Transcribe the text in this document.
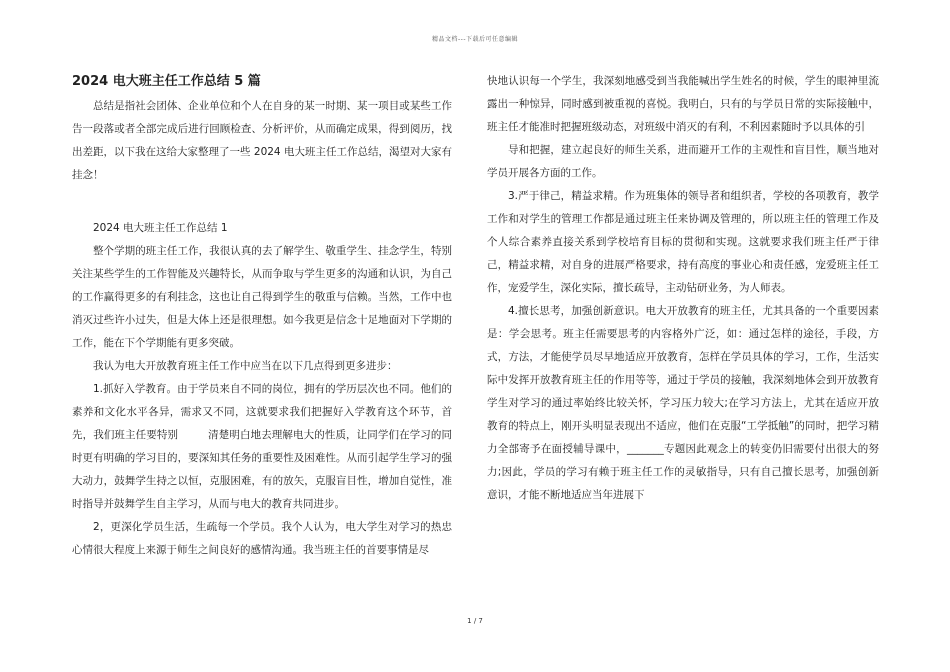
精品文档---下载后可任意编辑
2024 电大班主任工作总结 5 篇

总结是指社会团体、企业单位和个人在自身的某一时期、某一项目或某些工作告一段落或者全部完成后进行回顾检查、分析评价，从而确定成果，得到阅历，找出差距，以下我在这给大家整理了一些 2024 电大班主任工作总结，渴望对大家有挂念！

2024 电大班主任工作总结 1

整个学期的班主任工作，我很认真的去了解学生、敬重学生、挂念学生，特别关注某些学生的工作智能及兴趣特长，从而争取与学生更多的沟通和认识，为自己的工作赢得更多的有利挂念，这也让自己得到学生的敬重与信赖。当然，工作中也消灭过些许小过失，但是大体上还是很理想。如今我更是信念十足地面对下学期的工作，能在下个学期能有更多突破。

我认为电大开放教育班主任工作中应当在以下几点得到更多进步：

1.抓好入学教育。由于学员来自不同的岗位，拥有的学历层次也不同。他们的素养和文化水平各异，需求又不同，这就要求我们把握好入学教育这个环节，首先，我们班主任要特别	清楚明白地去理解电大的性质，让同学们在学习的同时更有明确的学习目的，要深知其任务的重要性及困难性。从而引起学生学习的强大动力，鼓舞学生持之以恒，克服困难，有的放矢，克服盲目性，增加自觉性，准时指导并鼓舞学生自主学习，从而与电大的教育共同进步。

2，更深化学员生活，生疏每一个学员。我个人认为，电大学生对学习的热忠心情很大程度上来源于师生之间良好的感情沟通。我当班主任的首要事情是尽

快地认识每一个学生，我深刻地感受到当我能喊出学生姓名的时候，学生的眼神里流露出一种惊异，同时感到被重视的喜悦。我明白，只有的与学员日常的实际接触中，班主任才能准时把握班级动态，对班级中消灭的有利，不利因素随时予以具体的引

导和把握，建立起良好的师生关系，进而避开工作的主观性和盲目性，顺当地对学员开展各方面的工作。

3.严于律己，精益求精。作为班集体的领导者和组织者，学校的各项教育，教学工作和对学生的管理工作都是通过班主任来协调及管理的，所以班主任的管理工作及个人综合素养直接关系到学校培育目标的贯彻和实现。这就要求我们班主任严于律己，精益求精，对自身的进展严格要求，持有高度的事业心和责任感，宠爱班主任工作，宠爱学生，深化实际，擅长疏导，主动钻研业务，为人师表。

4.擅长思考，加强创新意识。电大开放教育的班主任，尤其具备的一个重要因素是：学会思考。班主任需要思考的内容格外广泛，如：通过怎样的途径，手段，方式，方法，才能使学员尽早地适应开放教育，怎样在学员具体的学习，工作，生活实际中发挥开放教育班主任的作用等等，通过于学员的接触，我深刻地体会到开放教育学生对学习的通过率始终比较关怀，学习压力较大;在学习方法上，尤其在适应开放教育的特点上，刚开头明显表现出不适应，他们在克服“工学抵触”的同时，把学习精力全部寄予在面授辅导课中，_______专题因此观念上的转变仍旧需要付出很大的努力;因此，学员的学习有赖于班主任工作的灵敏指导，只有自己擅长思考，加强创新意识，才能不断地适应当年进展下

1 / 7
